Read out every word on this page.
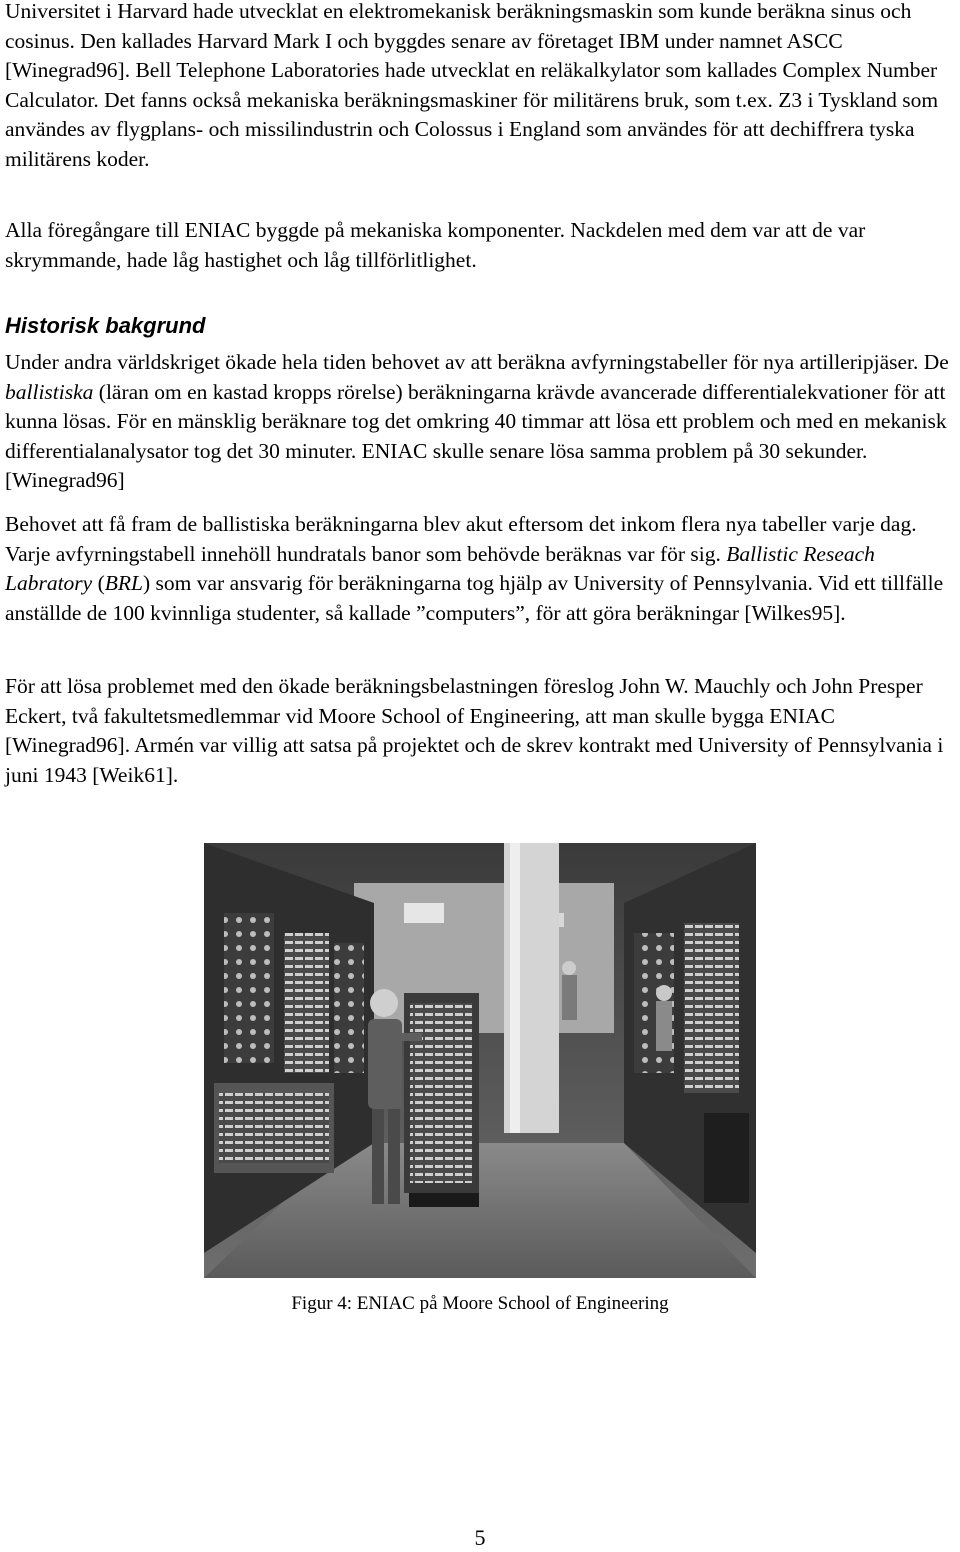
Universitet i Harvard hade utvecklat en elektromekanisk beräkningsmaskin som kunde beräkna sinus och cosinus. Den kallades Harvard Mark I och byggdes senare av företaget IBM under namnet ASCC [Winegrad96]. Bell Telephone Laboratories hade utvecklat en reläkalkylator som kallades Complex Number Calculator. Det fanns också mekaniska beräkningsmaskiner för militärens bruk, som t.ex. Z3 i Tyskland som användes av flygplans- och missilindustrin och Colossus i England som användes för att dechiffrera tyska militärens koder.

Alla föregångare till ENIAC byggde på mekaniska komponenter. Nackdelen med dem var att de var skrymmande, hade låg hastighet och låg tillförlitlighet.

Historisk bakgrund

Under andra världskriget ökade hela tiden behovet av att beräkna avfyrningstabeller för nya artilleripjäser. De ballistiska (läran om en kastad kropps rörelse) beräkningarna krävde avancerade differentialekvationer för att kunna lösas. För en mänsklig beräknare tog det omkring 40 timmar att lösa ett problem och med en mekanisk differentialanalysator tog det 30 minuter. ENIAC skulle senare lösa samma problem på 30 sekunder. [Winegrad96]

Behovet att få fram de ballistiska beräkningarna blev akut eftersom det inkom flera nya tabeller varje dag. Varje avfyrningstabell innehöll hundratals banor som behövde beräknas var för sig. Ballistic Reseach Labratory (BRL) som var ansvarig för beräkningarna tog hjälp av University of Pennsylvania. Vid ett tillfälle anställde de 100 kvinnliga studenter, så kallade ”computers”, för att göra beräkningar [Wilkes95].

För att lösa problemet med den ökade beräkningsbelastningen föreslog John W. Mauchly och John Presper Eckert, två fakultetsmedlemmar vid Moore School of Engineering, att man skulle bygga ENIAC [Winegrad96]. Armén var villig att satsa på projektet och de skrev kontrakt med University of Pennsylvania i juni 1943 [Weik61].

Figur 4: ENIAC på Moore School of Engineering
5
